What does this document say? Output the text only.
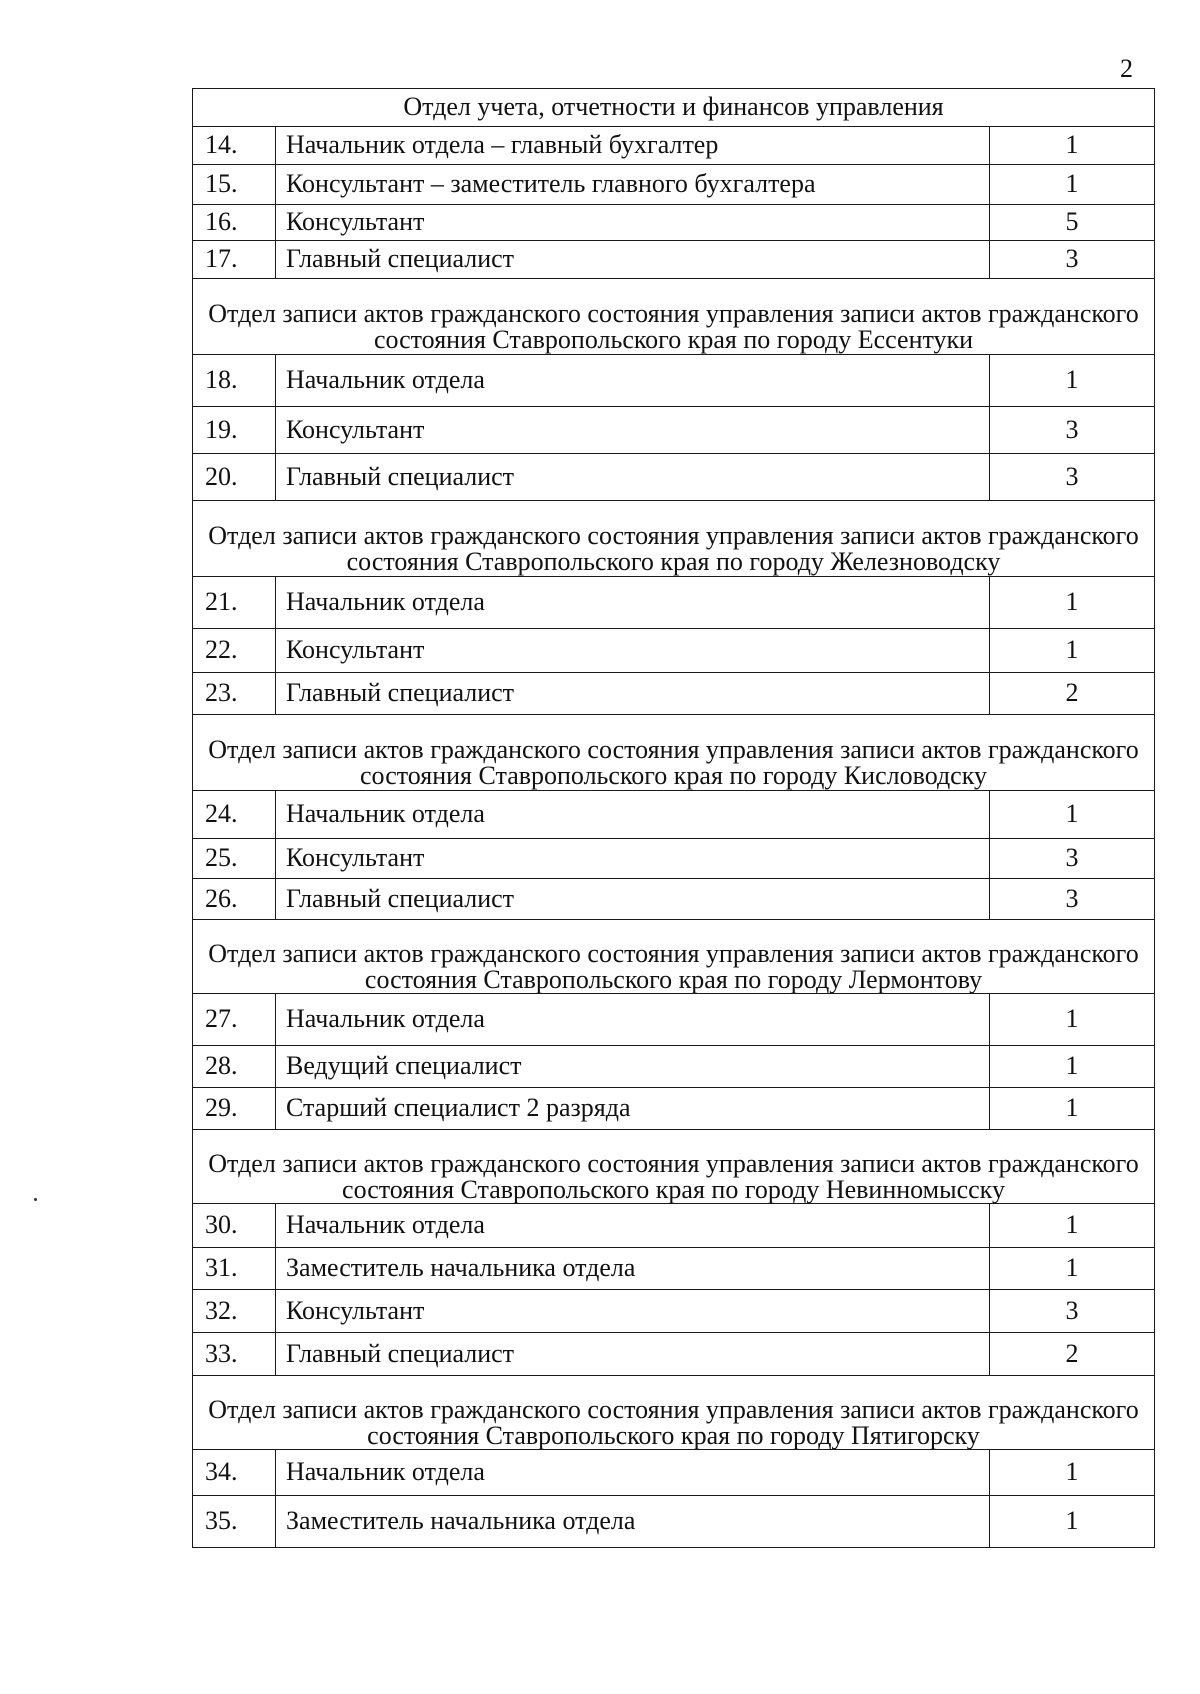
2
Отдел учета, отчетности и финансов управления		
14.	Начальник отдела – главный бухгалтер	1
15.	Консультант – заместитель главного бухгалтера	1
16.	Консультант	5
17.	Главный специалист	3

Отдел записи актов гражданского состояния управления записи актов гражданского состояния Ставропольского края по городу Ессентуки		

18.	Начальник отдела	1
19.	Консультант	3
20.	Главный специалист	3

Отдел записи актов гражданского состояния управления записи актов гражданского состояния Ставропольского края по городу Железноводску		

21.	Начальник отдела	1
22.	Консультант	1
23.	Главный специалист	2

Отдел записи актов гражданского состояния управления записи актов гражданского состояния Ставропольского края по городу Кисловодску		

24.	Начальник отдела	1
25.	Консультант	3
26.	Главный специалист	3

Отдел записи актов гражданского состояния управления записи актов гражданского состояния Ставропольского края по городу Лермонтову		

27.	Начальник отдела	1
28.	Ведущий специалист	1
29.	Старший специалист 2 разряда	1

Отдел записи актов гражданского состояния управления записи актов гражданского состояния Ставропольского края по городу Невинномысску		

30.	Начальник отдела	1
31.	Заместитель начальника отдела	1
32.	Консультант	3
33.	Главный специалист	2

Отдел записи актов гражданского состояния управления записи актов гражданского состояния Ставропольского края по городу Пятигорску		

34.	Начальник отдела	1
35.	Заместитель начальника отдела	1
